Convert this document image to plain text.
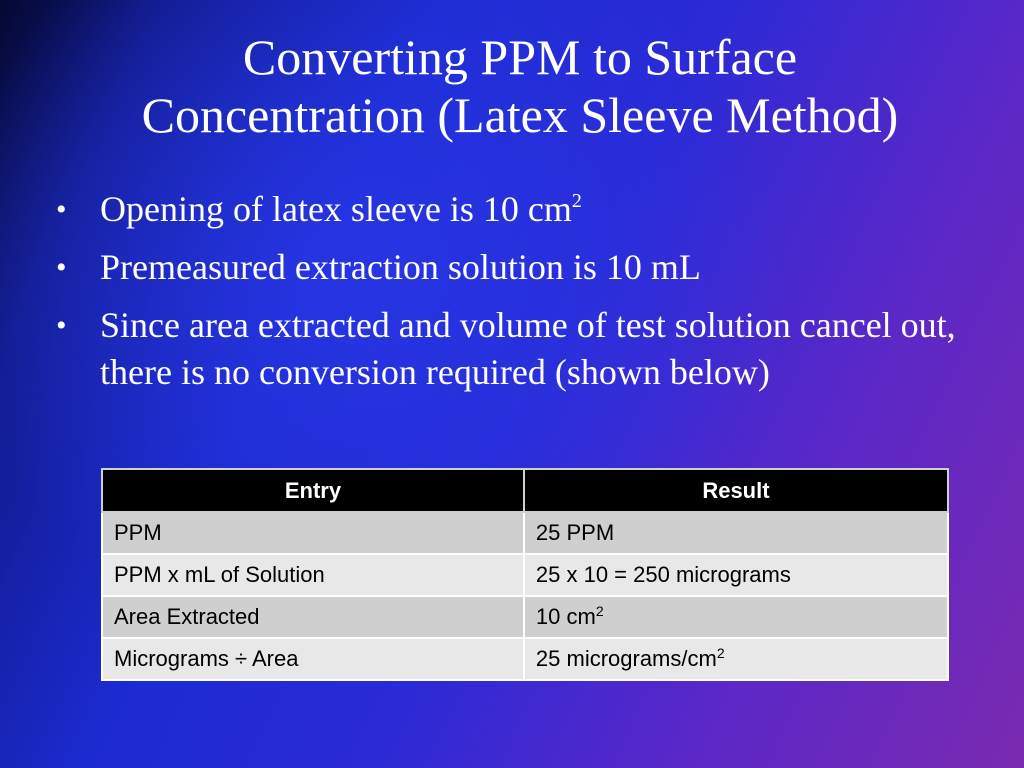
Converting PPM to Surface
Concentration (Latex Sleeve Method)
• Opening of latex sleeve is 10 $cm^2$
• Premeasured extraction solution is 10 mL
• Since area extracted and volume of test solution cancel out, there is no conversion required (shown below)
Entry	Result
PPM	25 PPM
PPM x mL of Solution	25 x 10 = 250 micrograms
Area Extracted	10 $cm^2$
Micrograms ÷ Area	25 micrograms/$cm^2$
